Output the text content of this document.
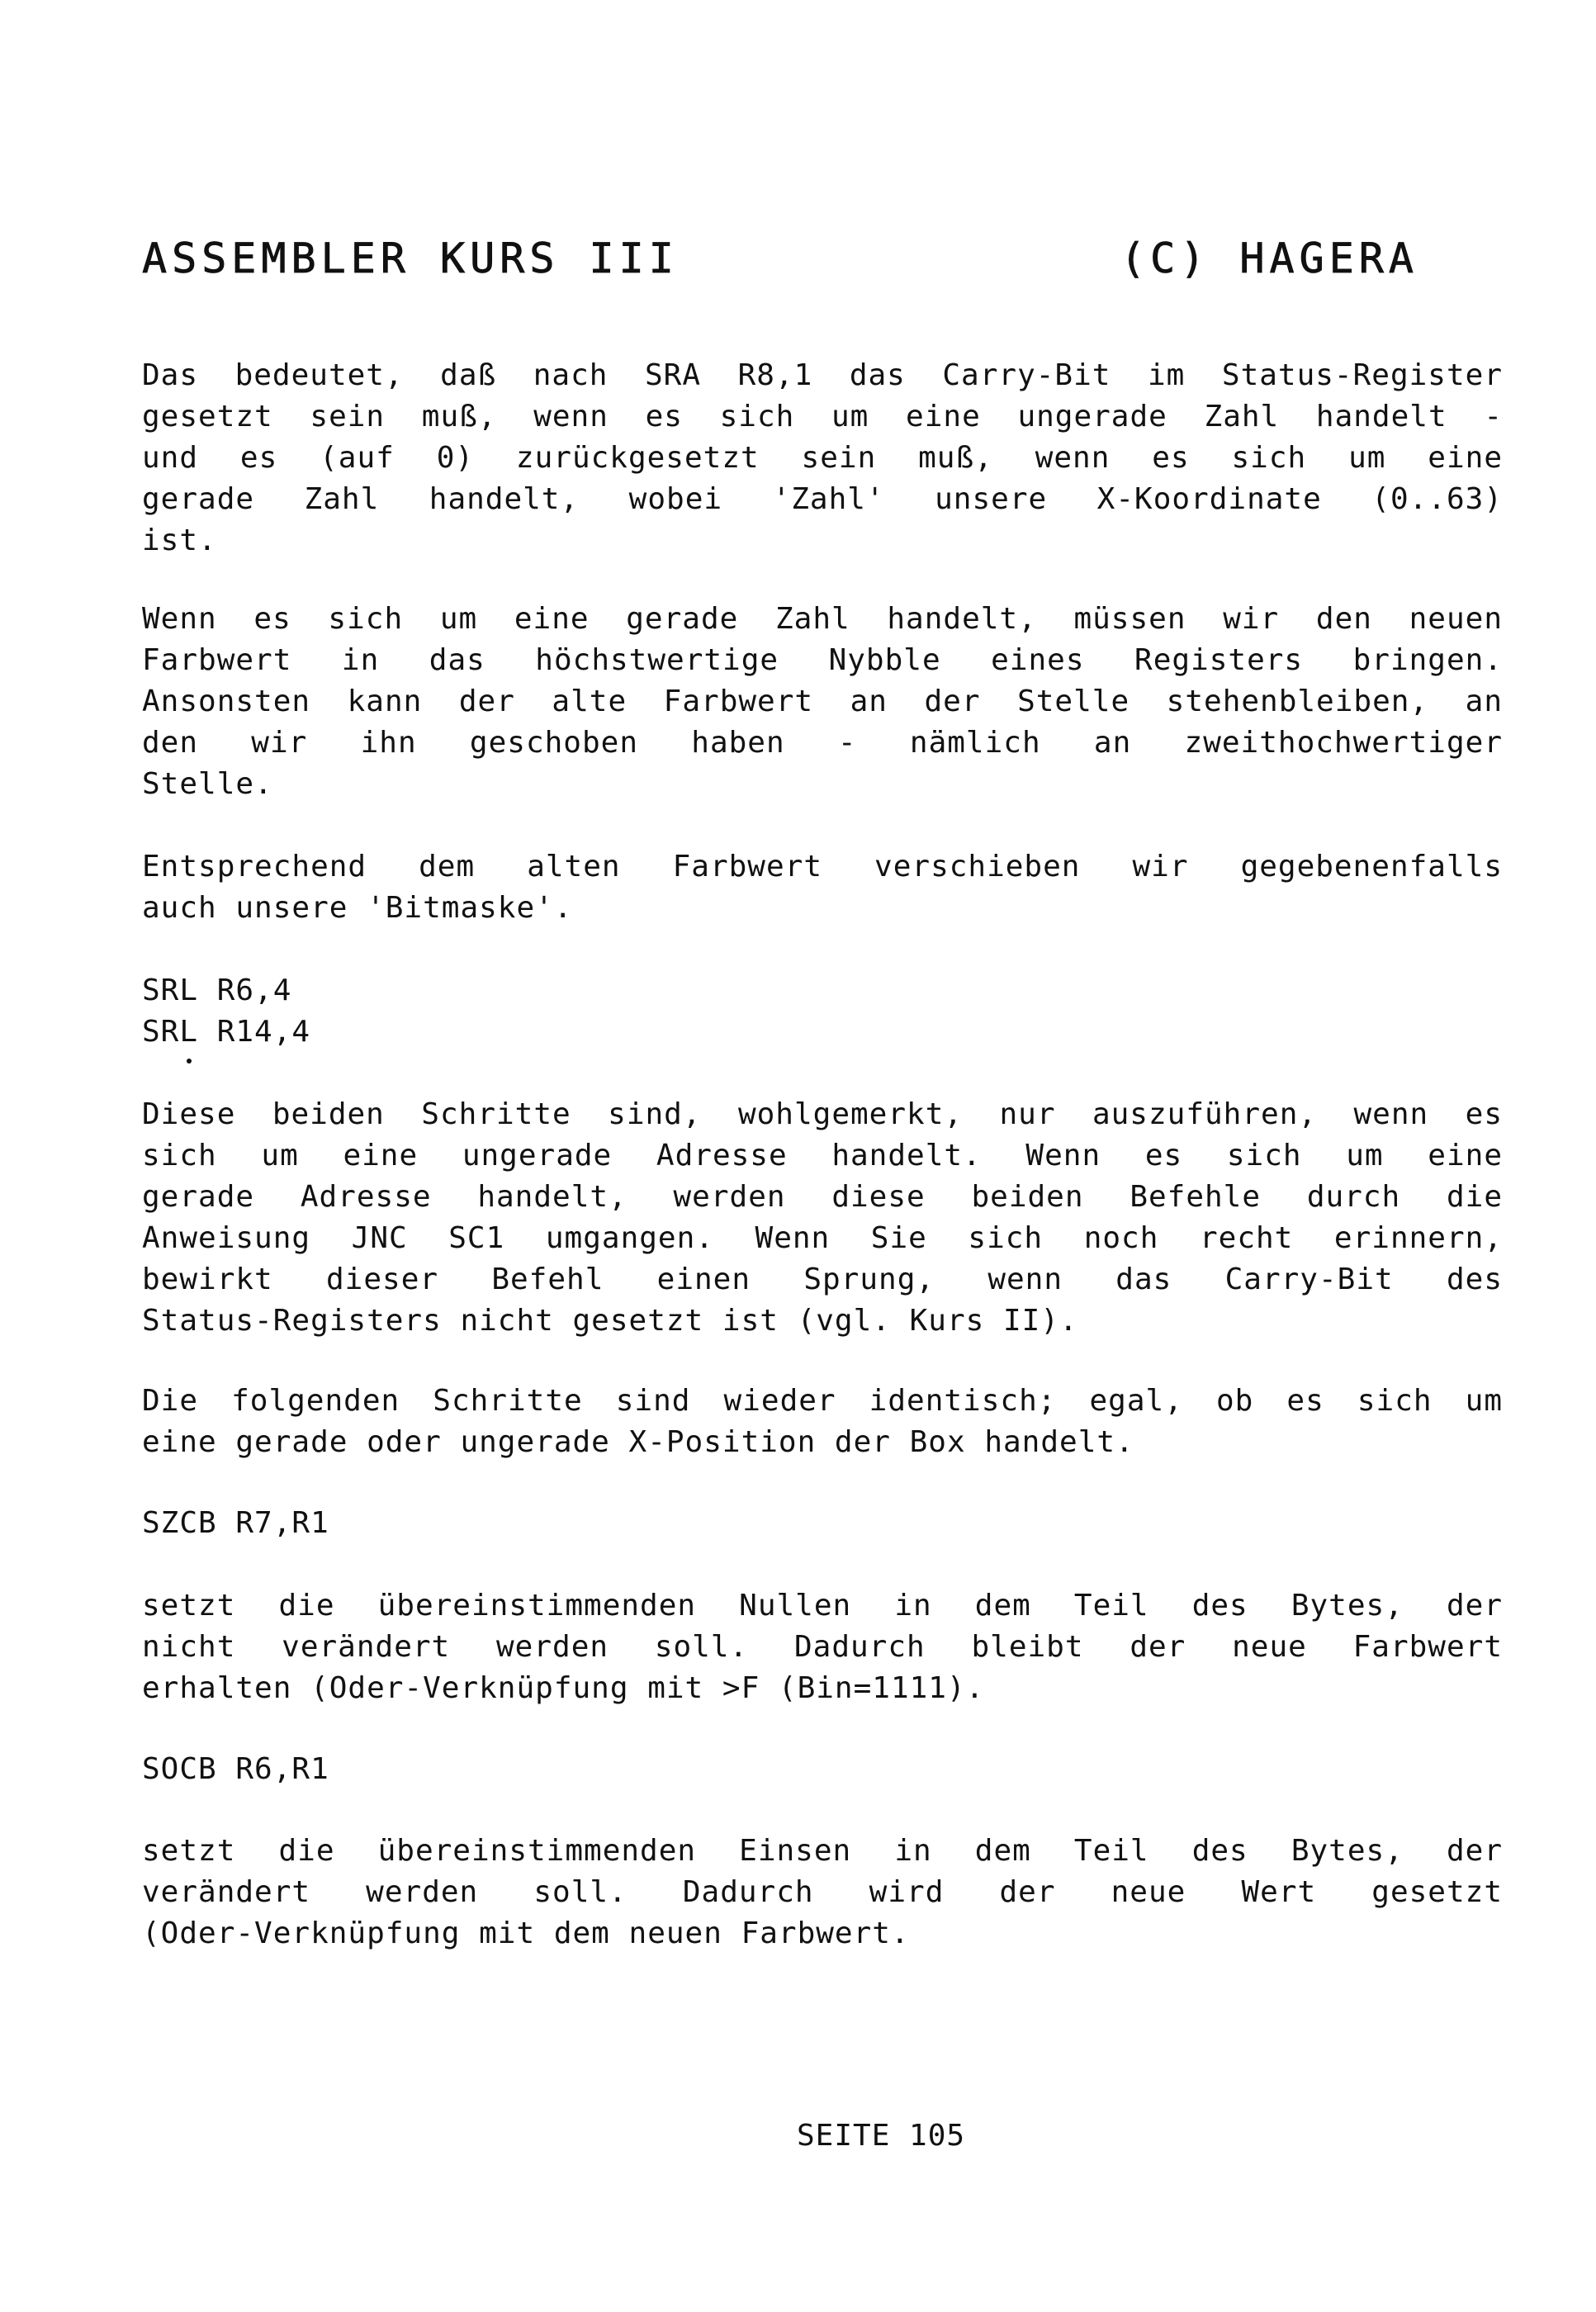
ASSEMBLER KURS III

	(C) HAGERA

Das bedeutet, daß nach SRA R8,1 das Carry-Bit im Status-Register
gesetzt sein muß, wenn es sich um eine ungerade Zahl handelt -
und es (auf 0) zurückgesetzt sein muß, wenn es sich um eine
gerade Zahl handelt, wobei 'Zahl' unsere X-Koordinate (0..63)
ist.
Wenn es sich um eine gerade Zahl handelt, müssen wir den neuen
Farbwert in das höchstwertige Nybble eines Registers bringen.
Ansonsten kann der alte Farbwert an der Stelle stehenbleiben, an
den wir ihn geschoben haben - nämlich an zweithochwertiger
Stelle.
Entsprechend dem alten Farbwert verschieben wir gegebenenfalls
auch unsere 'Bitmaske'.
SRL R6,4
SRL R14,4
Diese beiden Schritte sind, wohlgemerkt, nur auszuführen, wenn es
sich um eine ungerade Adresse handelt. Wenn es sich um eine
gerade Adresse handelt, werden diese beiden Befehle durch die
Anweisung JNC SC1 umgangen. Wenn Sie sich noch recht erinnern,
bewirkt dieser Befehl einen Sprung, wenn das Carry-Bit des
Status-Registers nicht gesetzt ist (vgl. Kurs II).
Die folgenden Schritte sind wieder identisch; egal, ob es sich um
eine gerade oder ungerade X-Position der Box handelt.
SZCB R7,R1
setzt die übereinstimmenden Nullen in dem Teil des Bytes, der
nicht verändert werden soll. Dadurch bleibt der neue Farbwert
erhalten (Oder-Verknüpfung mit >F (Bin=1111).
SOCB R6,R1
setzt die übereinstimmenden Einsen in dem Teil des Bytes, der
verändert werden soll. Dadurch wird der neue Wert gesetzt
(Oder-Verknüpfung mit dem neuen Farbwert.
SEITE 105
